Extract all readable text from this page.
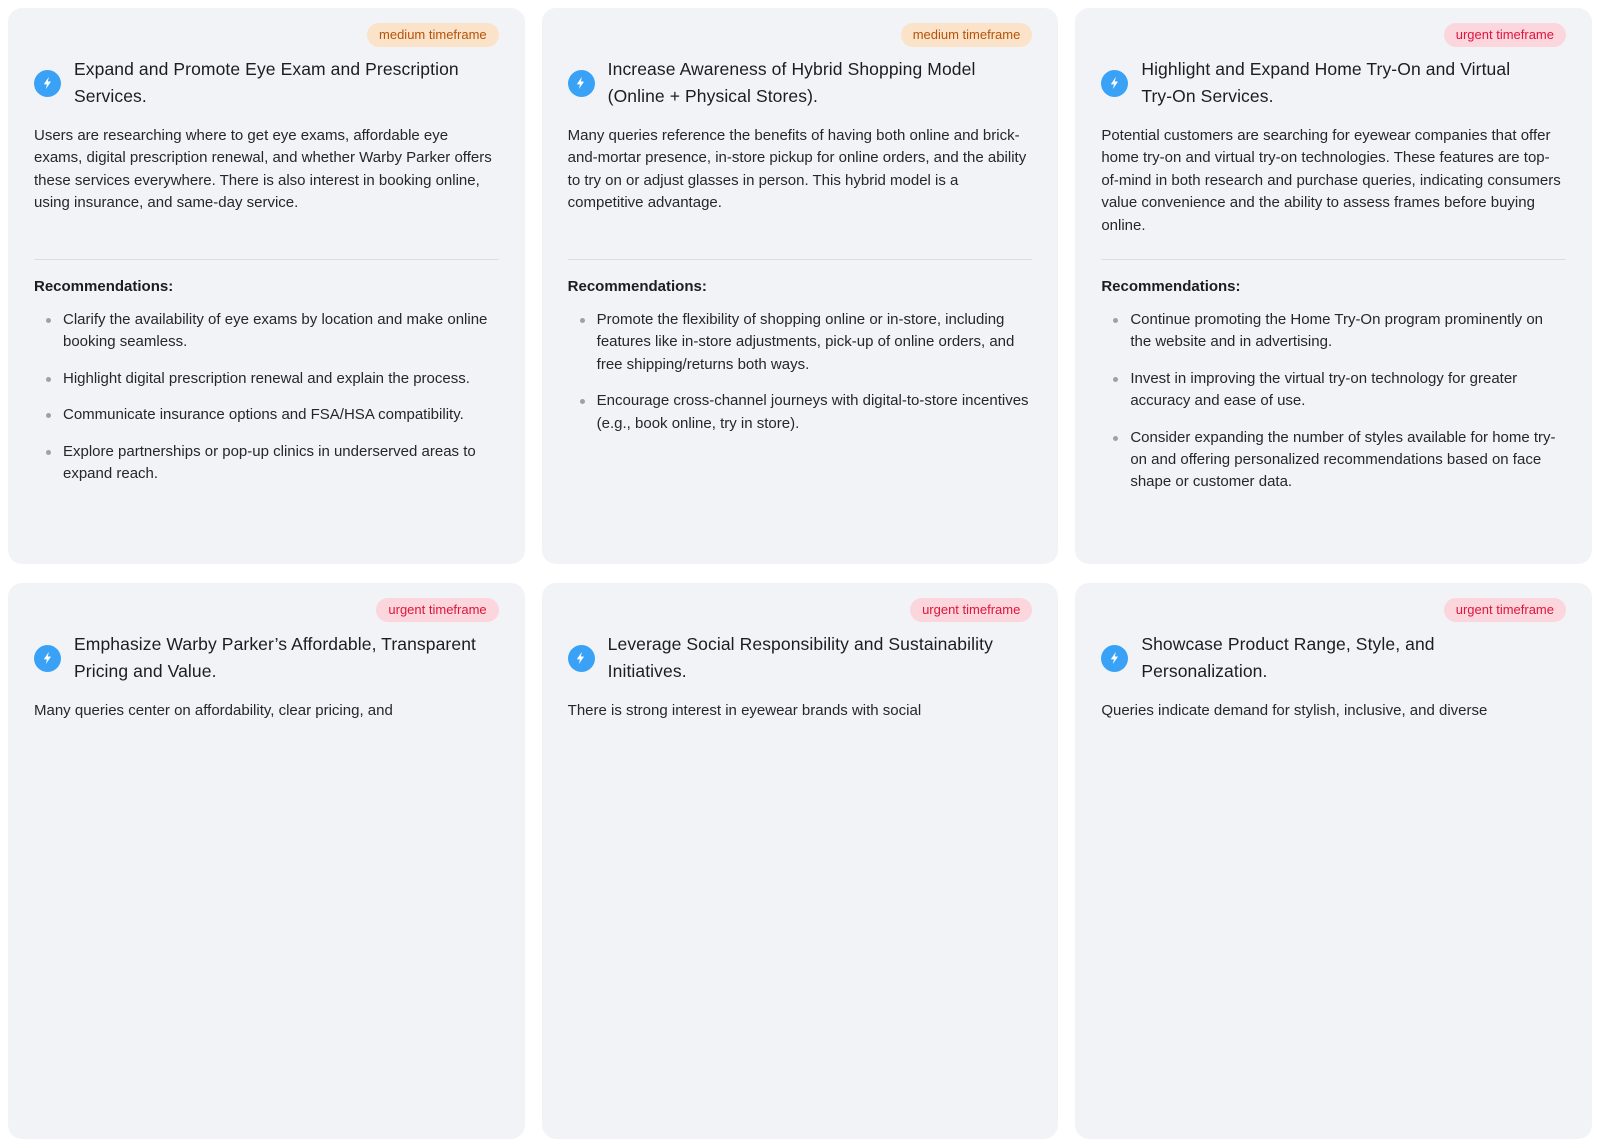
medium timeframe
Expand and Promote Eye Exam and Prescription Services.
Users are researching where to get eye exams, affordable eye exams, digital prescription renewal, and whether Warby Parker offers these services everywhere. There is also interest in booking online, using insurance, and same-day service.
Recommendations:
Clarify the availability of eye exams by location and make online booking seamless.
Highlight digital prescription renewal and explain the process.
Communicate insurance options and FSA/HSA compatibility.
Explore partnerships or pop-up clinics in underserved areas to expand reach.
medium timeframe
Increase Awareness of Hybrid Shopping Model (Online + Physical Stores).
Many queries reference the benefits of having both online and brick-and-mortar presence, in-store pickup for online orders, and the ability to try on or adjust glasses in person. This hybrid model is a competitive advantage.
Recommendations:
Promote the flexibility of shopping online or in-store, including features like in-store adjustments, pick-up of online orders, and free shipping/returns both ways.
Encourage cross-channel journeys with digital-to-store incentives (e.g., book online, try in store).
urgent timeframe
Highlight and Expand Home Try-On and Virtual Try-On Services.
Potential customers are searching for eyewear companies that offer home try-on and virtual try-on technologies. These features are top-of-mind in both research and purchase queries, indicating consumers value convenience and the ability to assess frames before buying online.
Recommendations:
Continue promoting the Home Try-On program prominently on the website and in advertising.
Invest in improving the virtual try-on technology for greater accuracy and ease of use.
Consider expanding the number of styles available for home try-on and offering personalized recommendations based on face shape or customer data.
urgent timeframe
Emphasize Warby Parker’s Affordable, Transparent Pricing and Value.
Many queries center on affordability, clear pricing, and
urgent timeframe
Leverage Social Responsibility and Sustainability Initiatives.
There is strong interest in eyewear brands with social
urgent timeframe
Showcase Product Range, Style, and Personalization.
Queries indicate demand for stylish, inclusive, and diverse
